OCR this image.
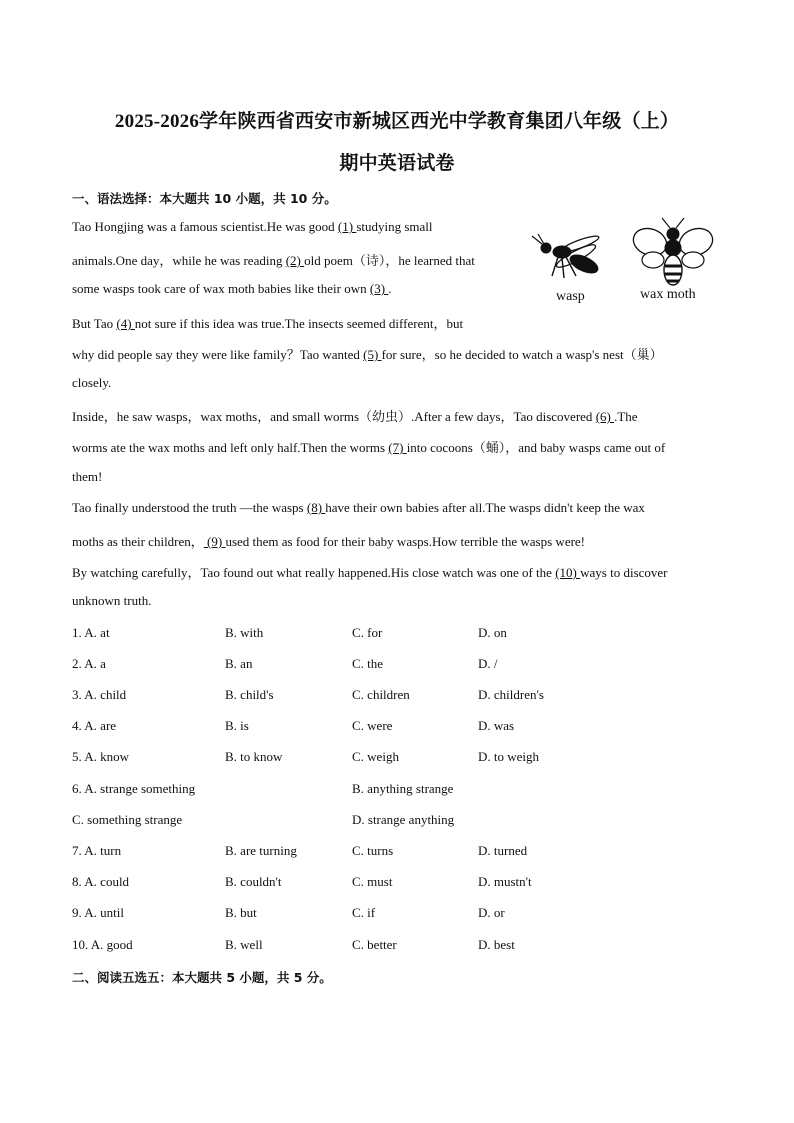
2025-2026学年陕西省西安市新城区西光中学教育集团八年级（上）
期中英语试卷
一、语法选择：本大题共 10 小题，共 10 分。
Tao Hongjing was a famous scientist.He was good (1) studying small
animals.One day，while he was reading (2) old poem（诗），he learned that
some wasps took care of wax moth babies like their own (3) .
But Tao (4) not sure if this idea was true.The insects seemed different，but
why did people say they were like family？Tao wanted (5) for sure，so he decided to watch a wasp's nest（巢）
closely.
Inside，he saw wasps，wax moths，and small worms（幼虫）.After a few days，Tao discovered (6) .The
worms ate the wax moths and left only half.Then the worms (7) into cocoons（蛹），and baby wasps came out of
them!
Tao finally understood the truth —the wasps (8) have their own babies after all.The wasps didn't keep the wax
moths as their children， (9) used them as food for their baby wasps.How terrible the wasps were!
By watching carefully，Tao found out what really happened.His close watch was one of the (10) ways to discover
unknown truth.
wasp	wax moth
1. A. at	B. with	C. for	D. on
2. A. a	B. an	C. the	D. /
3. A. child	B. child's	C. children	D. children's
4. A. are	B. is	C. were	D. was
5. A. know	B. to know	C. weigh	D. to weigh
6. A. strange something	B. anything strange
C. something strange	D. strange anything
7. A. turn	B. are turning	C. turns	D. turned
8. A. could	B. couldn't	C. must	D. mustn't
9. A. until	B. but	C. if	D. or
10. A. good	B. well	C. better	D. best
二、阅读五选五：本大题共 5 小题，共 5 分。
